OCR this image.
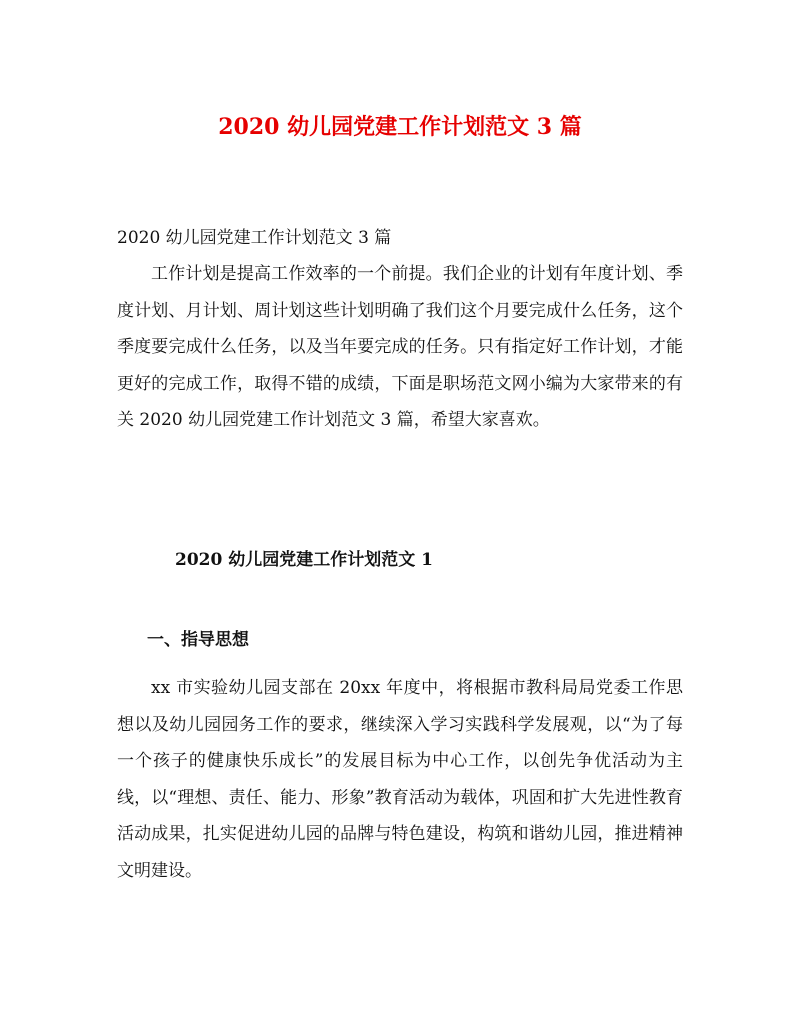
2020 幼儿园党建工作计划范文 3 篇

2020 幼儿园党建工作计划范文 3 篇

工作计划是提高工作效率的一个前提。我们企业的计划有年度计划、季度计划、月计划、周计划这些计划明确了我们这个月要完成什么任务，这个季度要完成什么任务，以及当年要完成的任务。只有指定好工作计划，才能更好的完成工作，取得不错的成绩，下面是职场范文网小编为大家带来的有关 2020 幼儿园党建工作计划范文 3 篇，希望大家喜欢。

2020 幼儿园党建工作计划范文 1
一、指导思想

xx 市实验幼儿园支部在 20xx 年度中，将根据市教科局局党委工作思想以及幼儿园园务工作的要求，继续深入学习实践科学发展观，以“为了每一个孩子的健康快乐成长”的发展目标为中心工作，以创先争优活动为主线，以“理想、责任、能力、形象”教育活动为载体，巩固和扩大先进性教育活动成果，扎实促进幼儿园的品牌与特色建设，构筑和谐幼儿园，推进精神文明建设。
